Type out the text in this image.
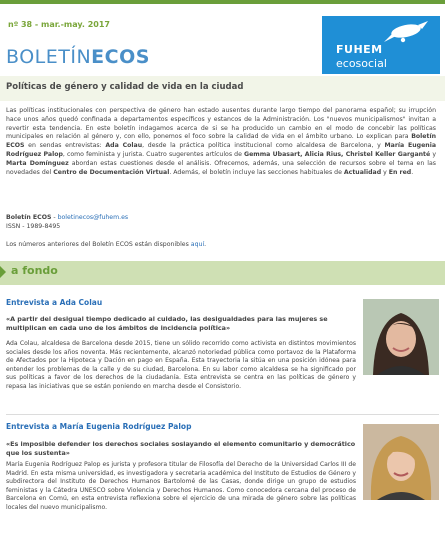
nº 38 - mar.-may. 2017
BOLETÍNECOS	FUHEM
ecosocial
Políticas de género y calidad de vida en la ciudad
Las políticas institucionales con perspectiva de género han estado ausentes durante largo tiempo del panorama español; su irrupción hace unos años quedó confinada a departamentos específicos y estancos de la Administración. Los "nuevos municipalismos" invitan a revertir esta tendencia. En este boletín indagamos acerca de si se ha producido un cambio en el modo de concebir las políticas municipales en relación al género y, con ello, ponemos el foco sobre la calidad de vida en el ámbito urbano. Lo explican para Boletín ECOS en sendas entrevistas: Ada Colau, desde la práctica política institucional como alcaldesa de Barcelona, y María Eugenia Rodríguez Palop, como feminista y jurista. Cuatro sugerentes artículos de Gemma Ubasart, Alicia Rius, Christel Keller Garganté y Marta Domínguez abordan estas cuestiones desde el análisis. Ofrecemos, además, una selección de recursos sobre el tema en las novedades del Centro de Documentación Virtual. Además, el boletín incluye las secciones habituales de Actualidad y En red.
Boletín ECOS - boletinecos@fuhem.es
ISSN - 1989-8495
Los números anteriores del Boletín ECOS están disponibles aquí.
a fondo
Entrevista a Ada Colau
«A partir del desigual tiempo dedicado al cuidado, las desigualdades para las mujeres se multiplican en cada uno de los ámbitos de incidencia política»
Ada Colau, alcaldesa de Barcelona desde 2015, tiene un sólido recorrido como activista en distintos movimientos sociales desde los años noventa. Más recientemente, alcanzó notoriedad pública como portavoz de la Plataforma de Afectados por la Hipoteca y Dación en pago en España. Esta trayectoria la sitúa en una posición idónea para entender los problemas de la calle y de su ciudad, Barcelona. En su labor como alcaldesa se ha significado por sus políticas a favor de los derechos de la ciudadanía. Esta entrevista se centra en las políticas de género y repasa las iniciativas que se están poniendo en marcha desde el Consistorio.
Entrevista a María Eugenia Rodríguez Palop
«Es imposible defender los derechos sociales soslayando el elemento comunitario y democrático que los sustenta»
María Eugenia Rodríguez Palop es jurista y profesora titular de Filosofía del Derecho de la Universidad Carlos III de Madrid. En esta misma universidad, es investigadora y secretaria académica del Instituto de Estudios de Género y subdirectora del Instituto de Derechos Humanos Bartolomé de las Casas, donde dirige un grupo de estudios feministas y la Cátedra UNESCO sobre Violencia y Derechos Humanos. Como conocedora cercana del proceso de Barcelona en Comú, en esta entrevista reflexiona sobre el ejercicio de una mirada de género sobre las políticas locales del nuevo municipalismo.
